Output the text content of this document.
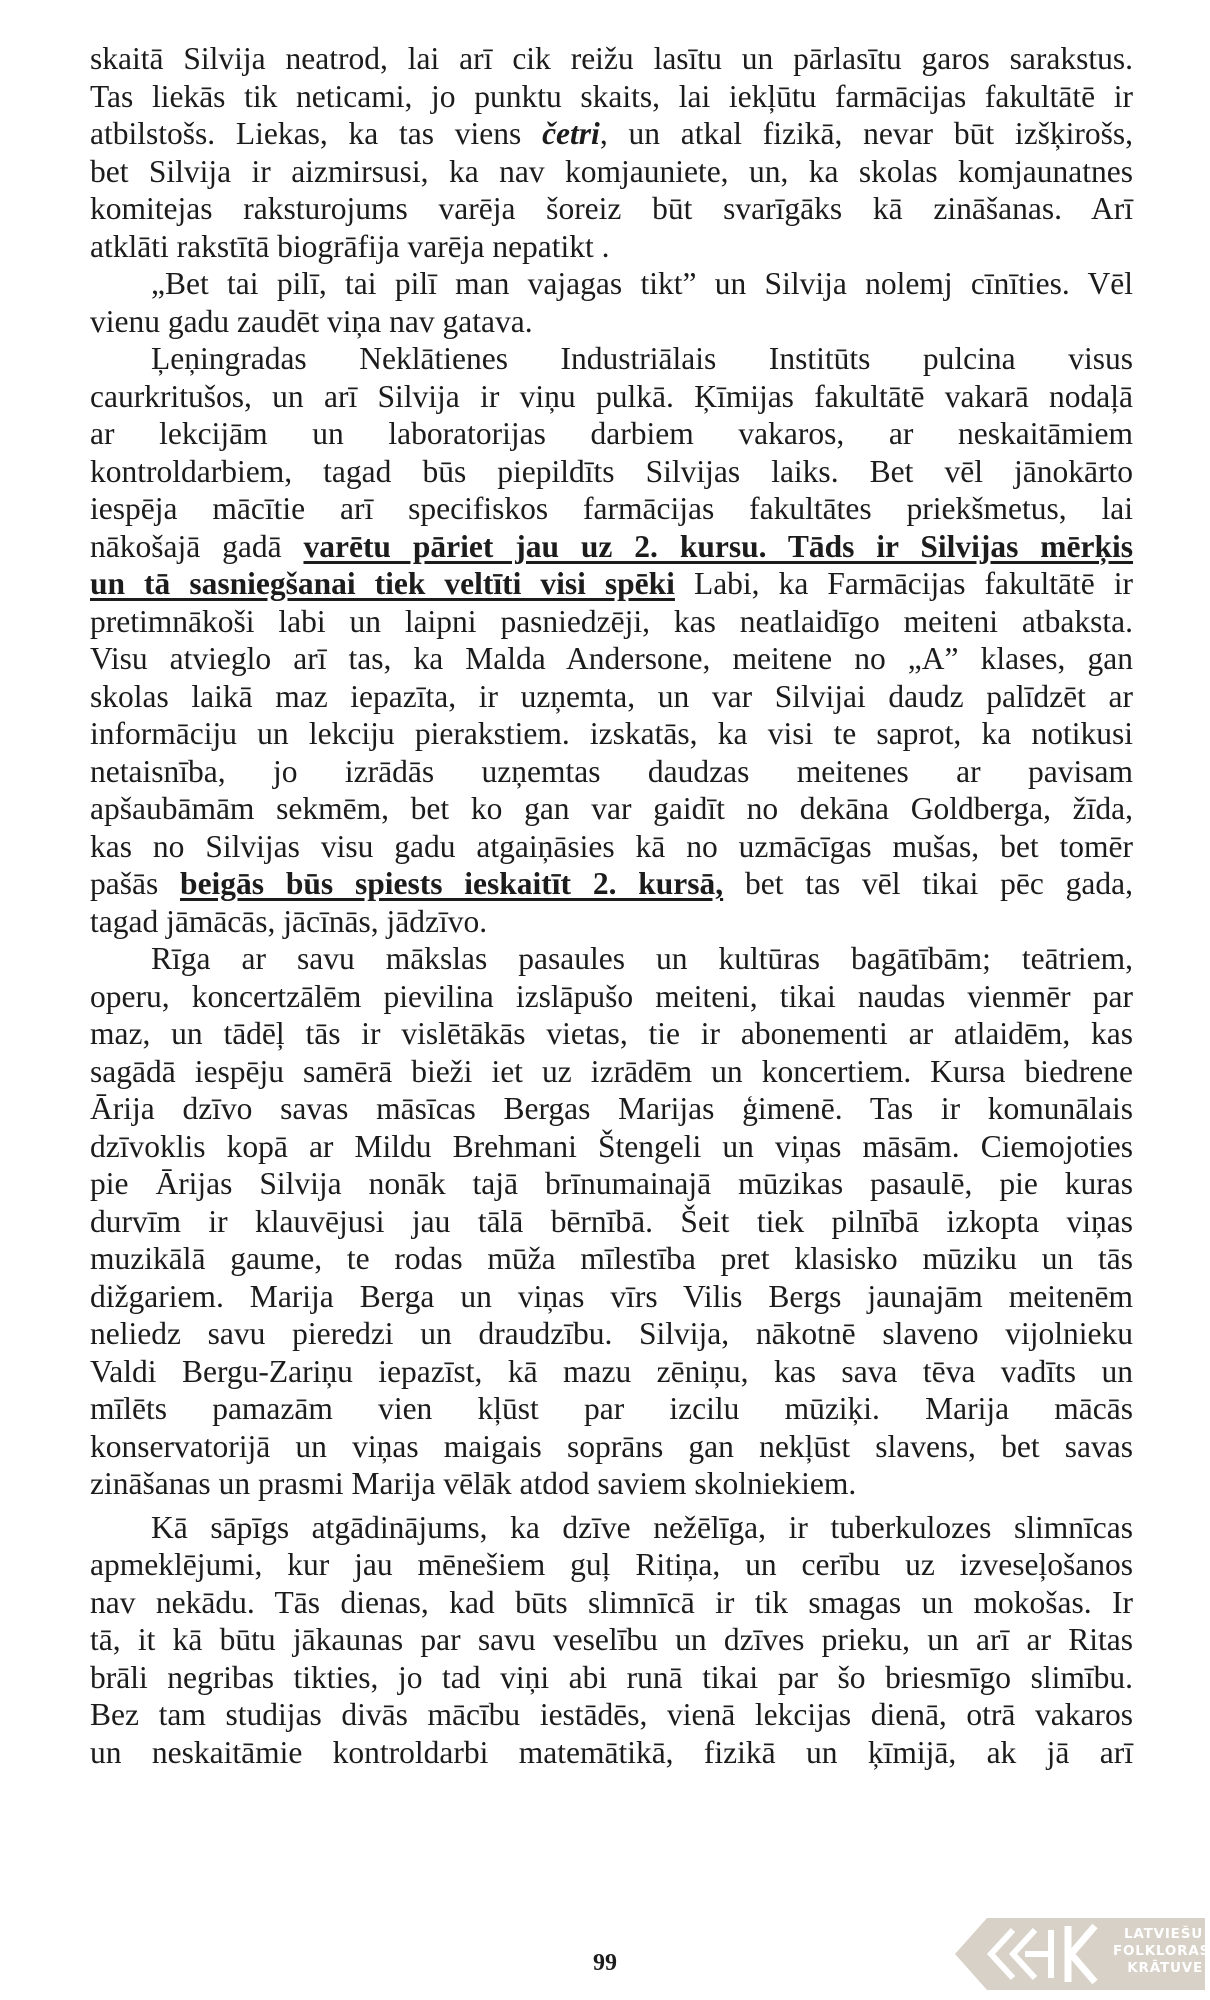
skaitā Silvija neatrod, lai arī cik reižu lasītu un pārlasītu garos sarakstus.
Tas liekās tik neticami, jo punktu skaits, lai iekļūtu farmācijas fakultātē ir
atbilstošs. Liekas, ka tas viens četri, un atkal fizikā, nevar būt izšķirošs,
bet Silvija ir aizmirsusi, ka nav komjauniete, un, ka skolas komjaunatnes
komitejas raksturojums varēja šoreiz būt svarīgāks kā zināšanas. Arī
atklāti rakstītā biogrāfija varēja nepatikt .
„Bet tai pilī, tai pilī man vajagas tikt” un Silvija nolemj cīnīties. Vēl
vienu gadu zaudēt viņa nav gatava.
Ļeņingradas Neklātienes Industriālais Institūts pulcina visus
caurkritušos, un arī Silvija ir viņu pulkā. Ķīmijas fakultātē vakarā nodaļā
ar lekcijām un laboratorijas darbiem vakaros, ar neskaitāmiem
kontroldarbiem, tagad būs piepildīts Silvijas laiks. Bet vēl jānokārto
iespēja mācītie arī specifiskos farmācijas fakultātes priekšmetus, lai
nākošajā gadā varētu pāriet jau uz 2. kursu. Tāds ir Silvijas mērķis
un tā sasniegšanai tiek veltīti visi spēki Labi, ka Farmācijas fakultātē ir
pretimnākoši labi un laipni pasniedzēji, kas neatlaidīgo meiteni atbaksta.
Visu atvieglo arī tas, ka Malda Andersone, meitene no „A” klases, gan
skolas laikā maz iepazīta, ir uzņemta, un var Silvijai daudz palīdzēt ar
informāciju un lekciju pierakstiem. izskatās, ka visi te saprot, ka notikusi
netaisnība, jo izrādās uzņemtas daudzas meitenes ar pavisam
apšaubāmām sekmēm, bet ko gan var gaidīt no dekāna Goldberga, žīda,
kas no Silvijas visu gadu atgaiņāsies kā no uzmācīgas mušas, bet tomēr
pašās beigās būs spiests ieskaitīt 2. kursā, bet tas vēl tikai pēc gada,
tagad jāmācās, jācīnās, jādzīvo.
Rīga ar savu mākslas pasaules un kultūras bagātībām; teātriem,
operu, koncertzālēm pievilina izslāpušo meiteni, tikai naudas vienmēr par
maz, un tādēļ tās ir vislētākās vietas, tie ir abonementi ar atlaidēm, kas
sagādā iespēju samērā bieži iet uz izrādēm un koncertiem. Kursa biedrene
Ārija dzīvo savas māsīcas Bergas Marijas ģimenē. Tas ir komunālais
dzīvoklis kopā ar Mildu Brehmani Štengeli un viņas māsām. Ciemojoties
pie Ārijas Silvija nonāk tajā brīnumainajā mūzikas pasaulē, pie kuras
durvīm ir klauvējusi jau tālā bērnībā. Šeit tiek pilnībā izkopta viņas
muzikālā gaume, te rodas mūža mīlestība pret klasisko mūziku un tās
dižgariem. Marija Berga un viņas vīrs Vilis Bergs jaunajām meitenēm
neliedz savu pieredzi un draudzību. Silvija, nākotnē slaveno vijolnieku
Valdi Bergu-Zariņu iepazīst, kā mazu zēniņu, kas sava tēva vadīts un
mīlēts pamazām vien kļūst par izcilu mūziķi. Marija mācās
konservatorijā un viņas maigais soprāns gan nekļūst slavens, bet savas
zināšanas un prasmi Marija vēlāk atdod saviem skolniekiem.
Kā sāpīgs atgādinājums, ka dzīve nežēlīga, ir tuberkulozes slimnīcas
apmeklējumi, kur jau mēnešiem guļ Ritiņa, un cerību uz izveseļošanos
nav nekādu. Tās dienas, kad būts slimnīcā ir tik smagas un mokošas. Ir
tā, it kā būtu jākaunas par savu veselību un dzīves prieku, un arī ar Ritas
brāli negribas tikties, jo tad viņi abi runā tikai par šo briesmīgo slimību.
Bez tam studijas divās mācību iestādēs, vienā lekcijas dienā, otrā vakaros
un neskaitāmie kontroldarbi matemātikā, fizikā un ķīmijā, ak jā arī
99
LATVIEŠU
FOLKLORAS
KRĀTUVE
